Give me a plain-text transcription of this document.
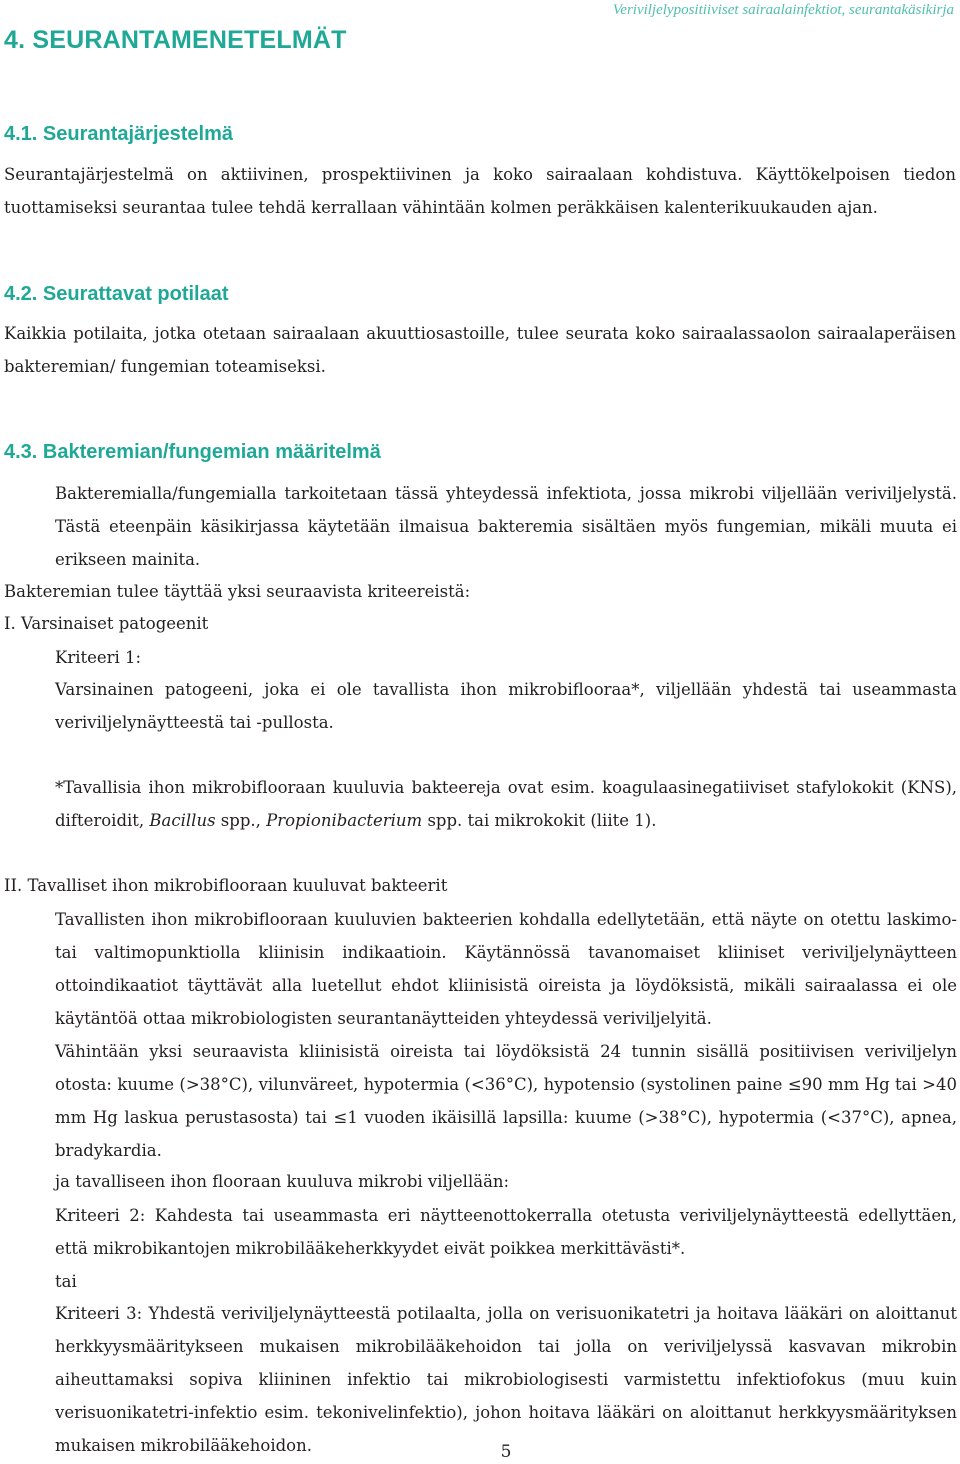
Veriviljelypositiiviset sairaalainfektiot, seurantakäsikirja
4. SEURANTAMENETELMÄT
4.1. Seurantajärjestelmä

Seurantajärjestelmä on aktiivinen, prospektiivinen ja koko sairaalaan kohdistuva. Käyttökelpoisen tiedon tuottamiseksi seurantaa tulee tehdä kerrallaan vähintään kolmen peräkkäisen kalenterikuukauden ajan.

4.2. Seurattavat potilaat

Kaikkia potilaita, jotka otetaan sairaalaan akuuttiosastoille, tulee seurata koko sairaalassaolon sairaalaperäisen bakteremian/ fungemian toteamiseksi.

4.3. Bakteremian/fungemian määritelmä

Bakteremialla/fungemialla tarkoitetaan tässä yhteydessä infektiota, jossa mikrobi viljellään veriviljelystä. Tästä eteenpäin käsikirjassa käytetään ilmaisua bakteremia sisältäen myös fungemian, mikäli muuta ei erikseen mainita.

Bakteremian tulee täyttää yksi seuraavista kriteereistä:

I. Varsinaiset patogeenit

Kriteeri 1:

Varsinainen patogeeni, joka ei ole tavallista ihon mikrobiflooraa*, viljellään yhdestä tai useammasta veriviljelynäytteestä tai -pullosta.

*Tavallisia ihon mikrobiflooraan kuuluvia bakteereja ovat esim. koagulaasinegatiiviset stafylokokit (KNS), difteroidit, Bacillus spp., Propionibacterium spp. tai mikrokokit (liite 1).

II. Tavalliset ihon mikrobiflooraan kuuluvat bakteerit

Tavallisten ihon mikrobiflooraan kuuluvien bakteerien kohdalla edellytetään, että näyte on otettu laskimo- tai valtimopunktiolla kliinisin indikaatioin. Käytännössä tavanomaiset kliiniset veriviljelynäytteen ottoindikaatiot täyttävät alla luetellut ehdot kliinisistä oireista ja löydöksistä, mikäli sairaalassa ei ole käytäntöä ottaa mikrobiologisten seurantanäytteiden yhteydessä veriviljelyitä.

Vähintään yksi seuraavista kliinisistä oireista tai löydöksistä 24 tunnin sisällä positiivisen veriviljelyn otosta: kuume (>38°C), vilunväreet, hypotermia (<36°C), hypotensio (systolinen paine ≤90 mm Hg tai >40 mm Hg laskua perustasosta) tai ≤1 vuoden ikäisillä lapsilla: kuume (>38°C), hypotermia (<37°C), apnea, bradykardia.

ja tavalliseen ihon flooraan kuuluva mikrobi viljellään:

Kriteeri 2: Kahdesta tai useammasta eri näytteenottokerralla otetusta veriviljelynäytteestä edellyttäen, että mikrobikantojen mikrobilääkeherkkyydet eivät poikkea merkittävästi*.

tai

Kriteeri 3: Yhdestä veriviljelynäytteestä potilaalta, jolla on verisuonikatetri ja hoitava lääkäri on aloittanut herkkyysmääritykseen mukaisen mikrobilääkehoidon tai jolla on veriviljelyssä kasvavan mikrobin aiheuttamaksi sopiva kliininen infektio tai mikrobiologisesti varmistettu infektiofokus (muu kuin verisuonikatetri-infektio esim. tekonivelinfektio), johon hoitava lääkäri on aloittanut herkkyysmäärityksen mukaisen mikrobilääkehoidon.	5
